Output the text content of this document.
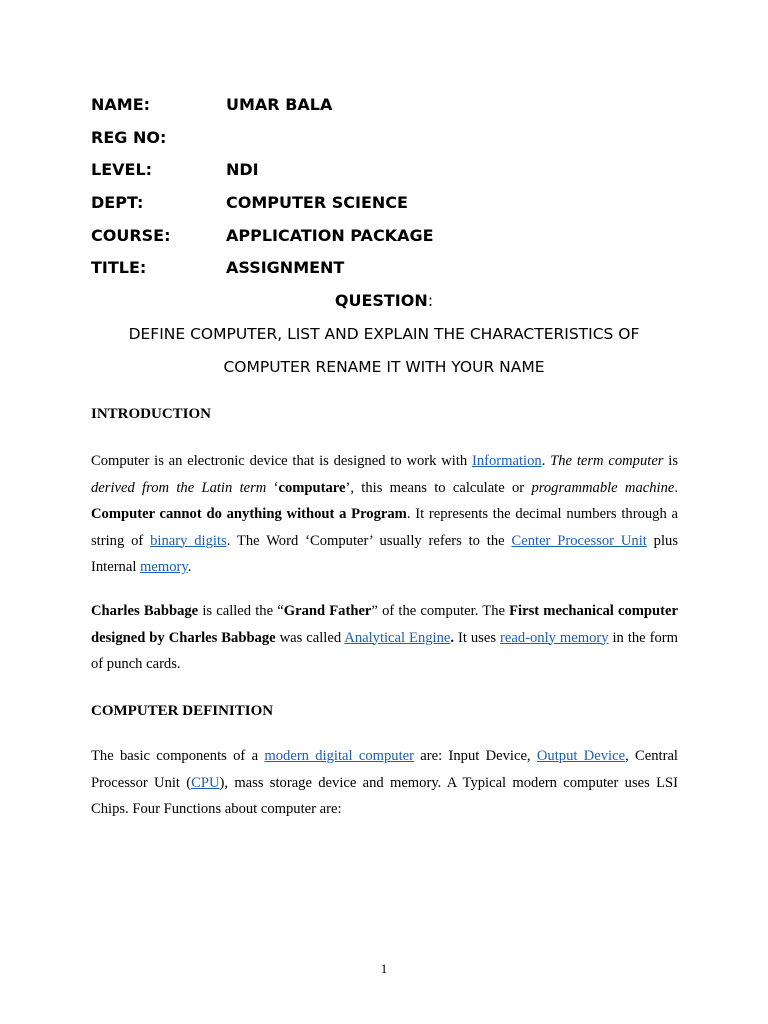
NAME:	UMAR BALA
REG NO:
LEVEL:	NDI
DEPT:	COMPUTER SCIENCE
COURSE:	APPLICATION PACKAGE
TITLE:	ASSIGNMENT
QUESTION:
DEFINE COMPUTER, LIST AND EXPLAIN THE CHARACTERISTICS OF
COMPUTER RENAME IT WITH YOUR NAME
INTRODUCTION
Computer is an electronic device that is designed to work with Information. The term computer is derived from the Latin term ‘computare’, this means to calculate or programmable machine. Computer cannot do anything without a Program. It represents the decimal numbers through a string of binary digits. The Word ‘Computer’ usually refers to the Center Processor Unit plus Internal memory.
Charles Babbage is called the “Grand Father” of the computer. The First mechanical computer designed by Charles Babbage was called Analytical Engine. It uses read-only memory in the form of punch cards.
COMPUTER DEFINITION
The basic components of a modern digital computer are: Input Device, Output Device, Central Processor Unit (CPU), mass storage device and memory. A Typical modern computer uses LSI Chips. Four Functions about computer are:
1
